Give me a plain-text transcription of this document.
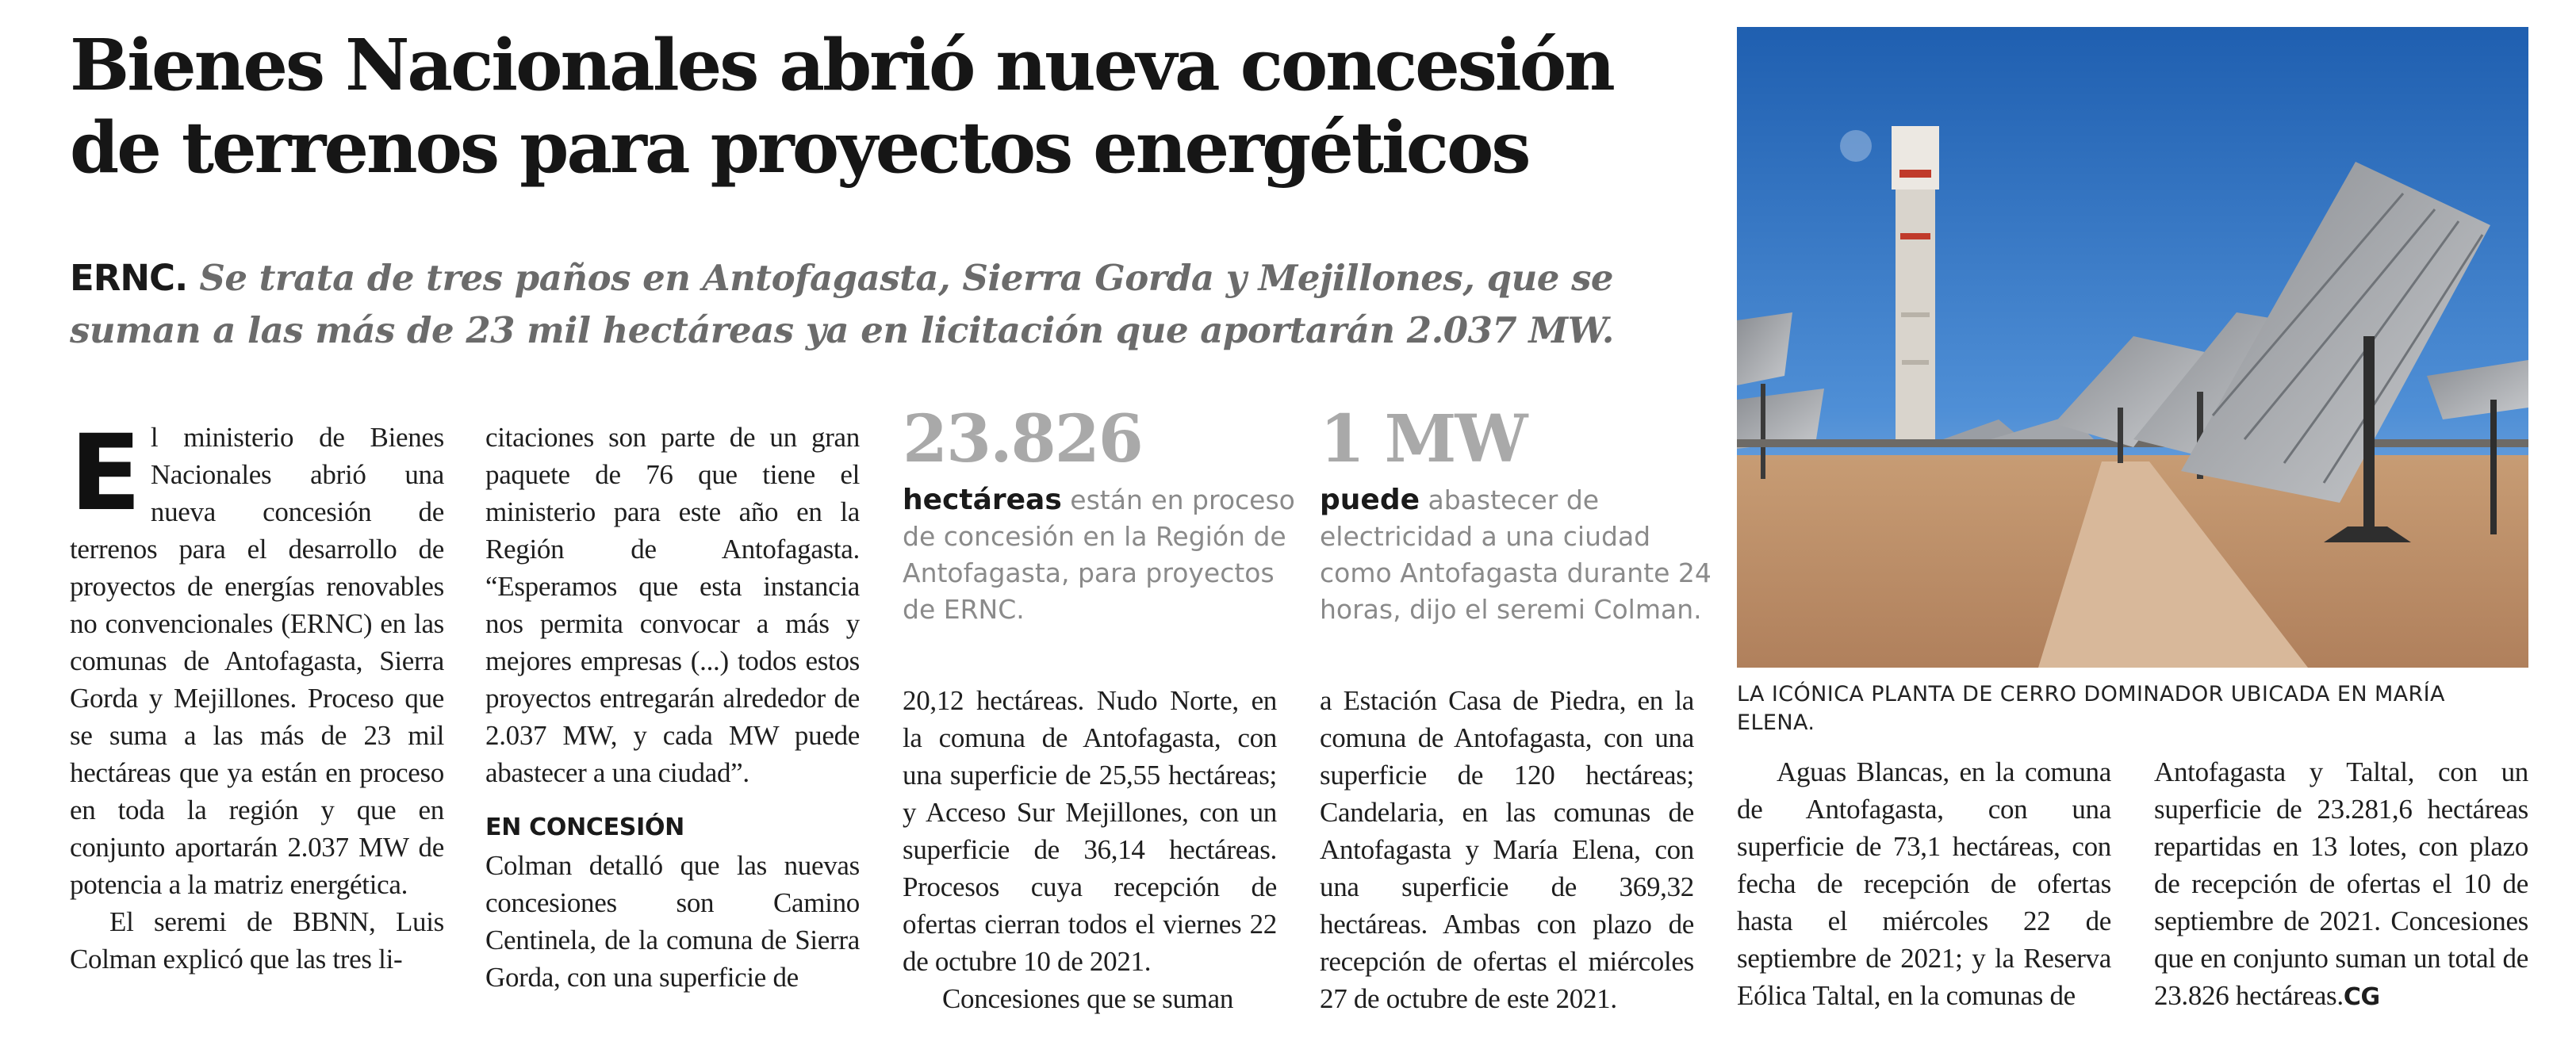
Bienes Nacionales abrió nueva concesión
de terrenos para proyectos energéticos

ERNC. Se trata de tres paños en Antofagasta, Sierra Gorda y Mejillones, que se suman a las más de 23 mil hectáreas ya en licitación que aportarán 2.037 MW.

El ministerio de Bienes Nacionales abrió una nueva concesión de terrenos para el desarrollo de proyectos de energías renovables no convencionales (ERNC) en las comunas de Antofagasta, Sierra Gorda y Mejillones. Proceso que se suma a las más de 23 mil hectáreas que ya están en proceso en toda la región y que en conjunto aportarán 2.037 MW de potencia a la matriz energética.

El seremi de BBNN, Luis Colman explicó que las tres li-

citaciones son parte de un gran paquete de 76 que tiene el ministerio para este año en la Región de Antofagasta. “Esperamos que esta instancia nos permita convocar a más y mejores empresas (...) todos estos proyectos entregarán alrededor de 2.037 MW, y cada MW puede abastecer a una ciudad”.

EN CONCESIÓN

Colman detalló que las nuevas concesiones son Camino Centinela, de la comuna de Sierra Gorda, con una superficie de

23.826
hectáreas están en proceso de concesión en la Región de Antofagasta, para proyectos de ERNC.
1 MW
puede abastecer de electricidad a una ciudad como Antofagasta durante 24 horas, dijo el seremi Colman.

20,12 hectáreas. Nudo Norte, en la comuna de Antofagasta, con una superficie de 25,55 hectáreas; y Acceso Sur Mejillones, con un superficie de 36,14 hectáreas. Procesos cuya recepción de ofertas cierran todos el viernes 22 de octubre 10 de 2021.

Concesiones que se suman

a Estación Casa de Piedra, en la comuna de Antofagasta, con una superficie de 120 hectáreas; Candelaria, en las comunas de Antofagasta y María Elena, con una superficie de 369,32 hectáreas. Ambas con plazo de recepción de ofertas el miércoles 27 de octubre de este 2021.

LA ICÓNICA PLANTA DE CERRO DOMINADOR UBICADA EN MARÍA ELENA.

Aguas Blancas, en la comuna de Antofagasta, con una superficie de 73,1 hectáreas, con fecha de recepción de ofertas hasta el miércoles 22 de septiembre de 2021; y la Reserva Eólica Taltal, en la comunas de

Antofagasta y Taltal, con un superficie de 23.281,6 hectáreas repartidas en 13 lotes, con plazo de recepción de ofertas el 10 de septiembre de 2021. Concesiones que en conjunto suman un total de 23.826 hectáreas.CG
